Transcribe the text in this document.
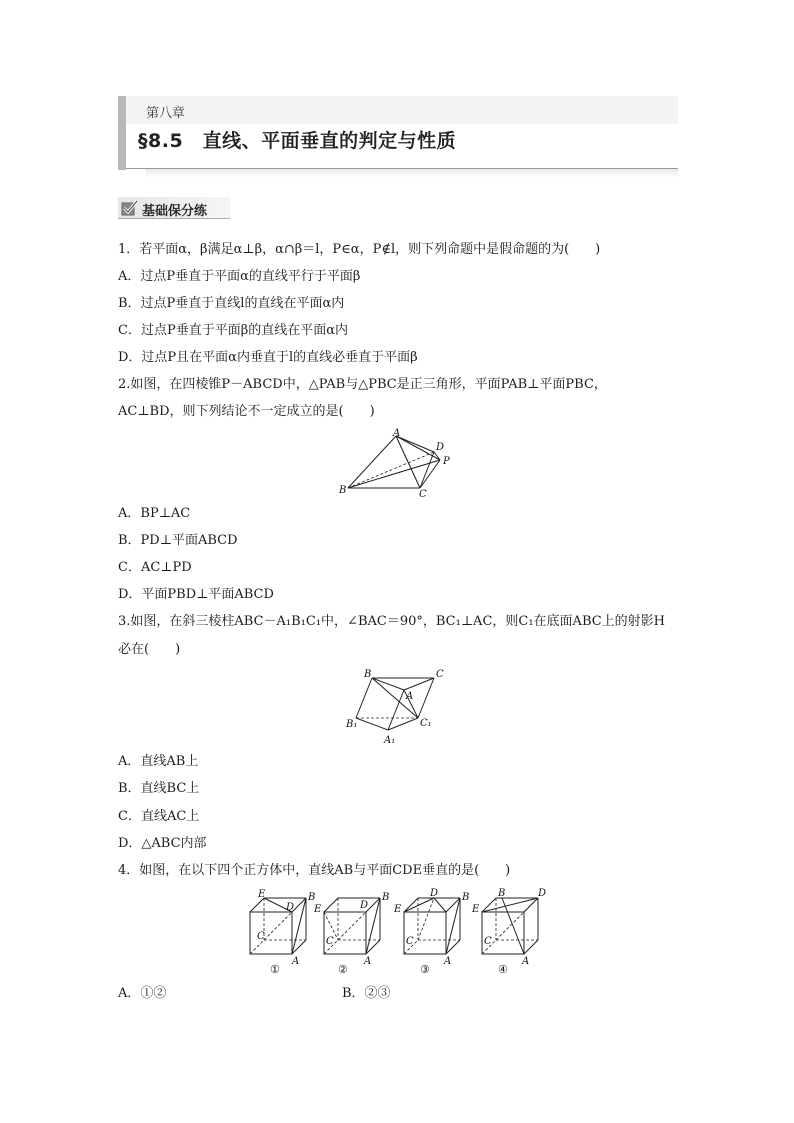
第八章
§8.5　直线、平面垂直的判定与性质
基础保分练
1．若平面α，β满足α⊥β，α∩β＝l，P∈α，P∉l，则下列命题中是假命题的为(　　)
A．过点P垂直于平面α的直线平行于平面β
B．过点P垂直于直线l的直线在平面α内
C．过点P垂直于平面β的直线在平面α内
D．过点P且在平面α内垂直于l的直线必垂直于平面β
2.如图，在四棱锥P－ABCD中，△PAB与△PBC是正三角形，平面PAB⊥平面PBC，
AC⊥BD，则下列结论不一定成立的是(　　)
A
D
P
B	C
A．BP⊥AC
B．PD⊥平面ABCD
C．AC⊥PD
D．平面PBD⊥平面ABCD
3.如图，在斜三棱柱ABC－A₁B₁C₁中，∠BAC＝90°，BC₁⊥AC，则C₁在底面ABC上的射影H
必在(　　)
B	C
A
B₁	C₁
A₁
A．直线AB上
B．直线BC上
C．直线AC上
D．△ABC内部
4．如图，在以下四个正方体中，直线AB与平面CDE垂直的是(　　)
E	B
D
C
A
①
E
B
D
C
A
②
E
B
D
C
A
③
E
B	D
C
A
④
A．①②	B．②③
